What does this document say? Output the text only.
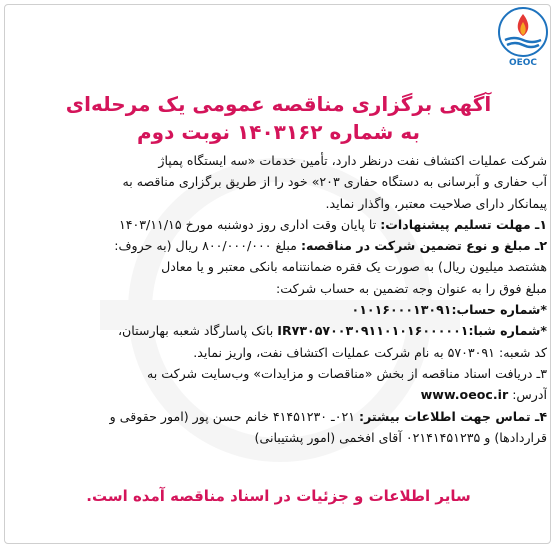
OEOC
آگهی برگزاری مناقصه عمومی یک مرحله‌ای
به شماره ۱۴۰۳۱۶۲ نوبت دوم
شرکت عملیات اکتشاف نفت درنظر دارد، تأمین خدمات «سه ایستگاه پمپاژ
آب حفاری و آبرسانی به دستگاه حفاری ۲۰۳» خود را از طریق برگزاری مناقصه به
پیمانکار دارای صلاحیت معتبر، واگذار نماید.
۱ـ مهلت تسلیم پیشنهادات: تا پایان وقت اداری روز دوشنبه مورخ ۱۴۰۳/۱۱/۱۵
۲ـ مبلغ و نوع تضمین شرکت در مناقصه: مبلغ ۸۰۰/۰۰۰/۰۰۰ ریال (به حروف:
هشتصد میلیون ریال) به صورت یک فقره ضمانتنامه بانکی معتبر و یا معادل
مبلغ فوق را به عنوان وجه تضمین به حساب شرکت:
*شماره حساب:۰۱۰۱۶۰۰۰۱۳۰۹۱
*شماره شبا:IR۷۳۰۵۷۰۰۳۰۹۱۱۰۱۰۱۶۰۰۰۰۰۱ بانک پاسارگاد شعبه بهارستان،
کد شعبه: ۵۷۰۳۰۹۱ به نام شرکت عملیات اکتشاف نفت، واریز نماید.
۳ـ دریافت اسناد مناقصه از بخش «مناقصات و مزایدات» وب‌سایت شرکت به
آدرس: www.oeoc.ir
۴ـ تماس جهت اطلاعات بیشتر: ۰۲۱ـ ۴۱۴۵۱۲۳۰ خانم حسن پور (امور حقوقی و
قراردادها) و ۰۲۱۴۱۴۵۱۲۳۵ آقای افخمی (امور پشتیبانی)
سایر اطلاعات و جزئیات در اسناد مناقصه آمده است.
